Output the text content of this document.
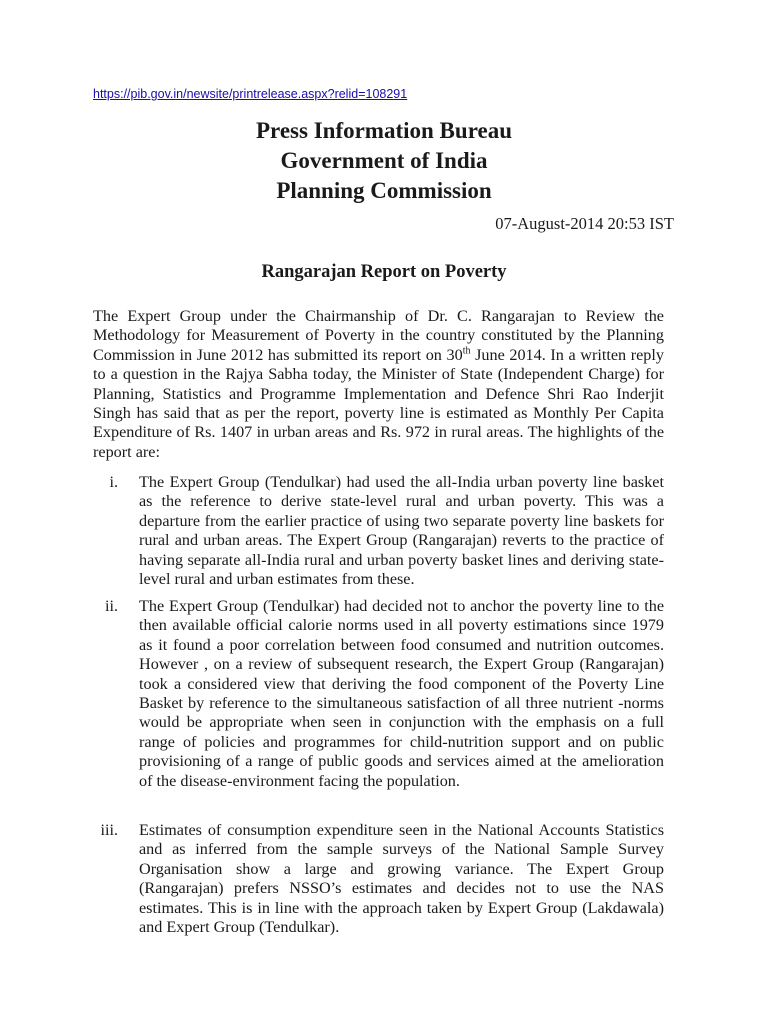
https://pib.gov.in/newsite/printrelease.aspx?relid=108291
Press Information Bureau
Government of India
Planning Commission
07-August-2014 20:53 IST
Rangarajan Report on Poverty

The Expert Group under the Chairmanship of Dr. C. Rangarajan to Review the Methodology for Measurement of Poverty in the country constituted by the Planning Commission in June 2012 has submitted its report on 30th June 2014. In a written reply to a question in the Rajya Sabha today, the Minister of State (Independent Charge) for Planning, Statistics and Programme Implementation and Defence Shri Rao Inderjit Singh has said that as per the report, poverty line is estimated as Monthly Per Capita Expenditure of Rs. 1407 in urban areas and Rs. 972 in rural areas. The highlights of the report are:

i. The Expert Group (Tendulkar) had used the all-India urban poverty line basket as the reference to derive state-level rural and urban poverty. This was a departure from the earlier practice of using two separate poverty line baskets for rural and urban areas. The Expert Group (Rangarajan) reverts to the practice of having separate all-India rural and urban poverty basket lines and deriving state-level rural and urban estimates from these.

ii. The Expert Group (Tendulkar) had decided not to anchor the poverty line to the then available official calorie norms used in all poverty estimations since 1979 as it found a poor correlation between food consumed and nutrition outcomes. However , on a review of subsequent research, the Expert Group (Rangarajan) took a considered view that deriving the food component of the Poverty Line Basket by reference to the simultaneous satisfaction of all three nutrient -norms would be appropriate when seen in conjunction with the emphasis on a full range of policies and programmes for child-nutrition support and on public provisioning of a range of public goods and services aimed at the amelioration of the disease-environment facing the population.

iii. Estimates of consumption expenditure seen in the National Accounts Statistics and as inferred from the sample surveys of the National Sample Survey Organisation show a large and growing variance. The Expert Group (Rangarajan) prefers NSSO’s estimates and decides not to use the NAS estimates. This is in line with the approach taken by Expert Group (Lakdawala) and Expert Group (Tendulkar).
